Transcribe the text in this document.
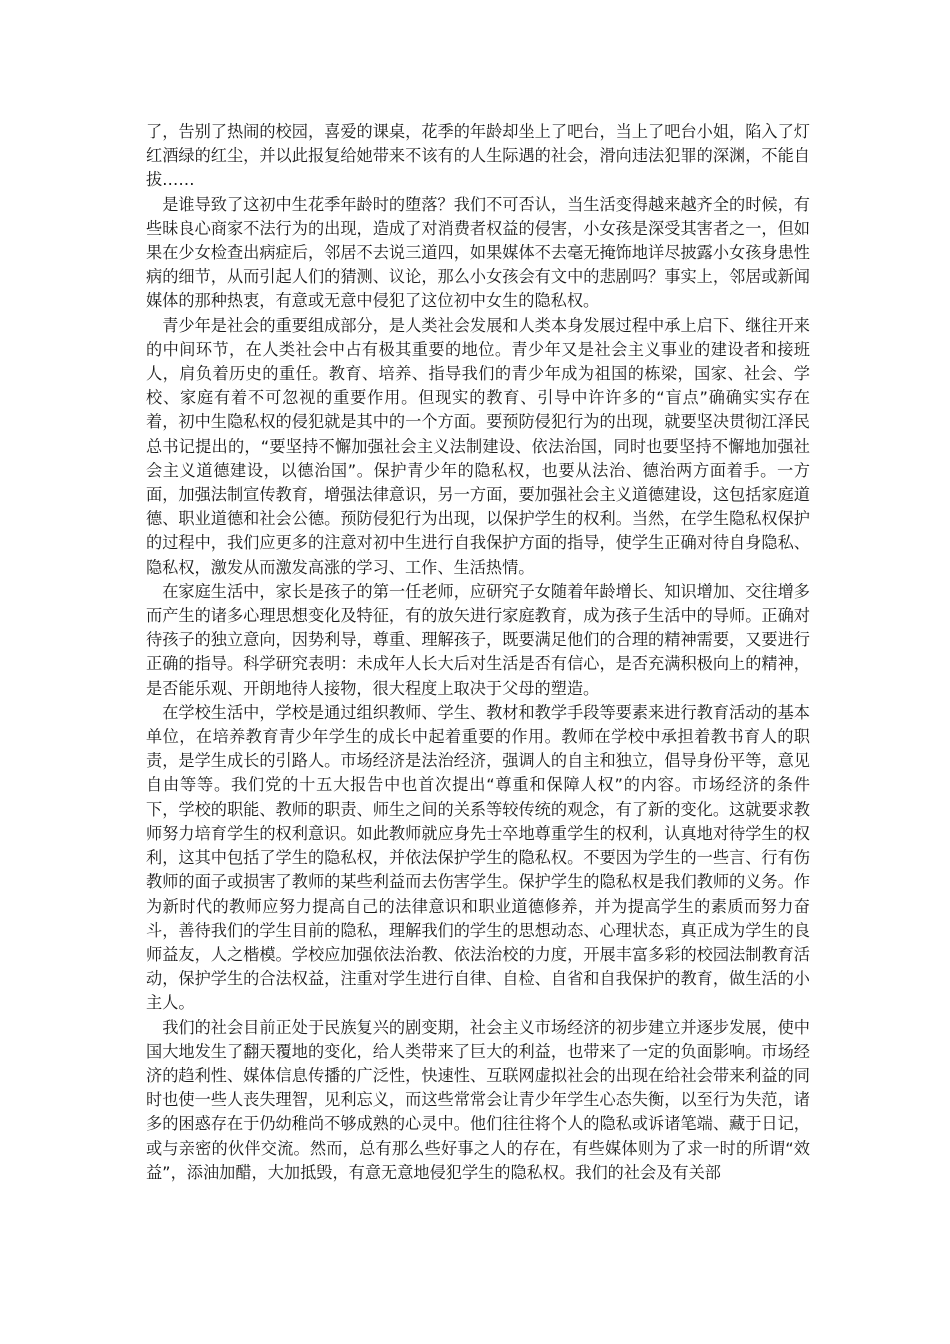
了，告别了热闹的校园，喜爱的课桌，花季的年龄却坐上了吧台，当上了吧台小姐，陷入了灯红酒绿的红尘，并以此报复给她带来不该有的人生际遇的社会，滑向违法犯罪的深渊，不能自拔……

是谁导致了这初中生花季年龄时的堕落？我们不可否认，当生活变得越来越齐全的时候，有些昧良心商家不法行为的出现，造成了对消费者权益的侵害，小女孩是深受其害者之一，但如果在少女检查出病症后，邻居不去说三道四，如果媒体不去毫无掩饰地详尽披露小女孩身患性病的细节，从而引起人们的猜测、议论，那么小女孩会有文中的悲剧吗？事实上，邻居或新闻媒体的那种热衷，有意或无意中侵犯了这位初中女生的隐私权。

青少年是社会的重要组成部分，是人类社会发展和人类本身发展过程中承上启下、继往开来的中间环节，在人类社会中占有极其重要的地位。青少年又是社会主义事业的建设者和接班人，肩负着历史的重任。教育、培养、指导我们的青少年成为祖国的栋梁，国家、社会、学校、家庭有着不可忽视的重要作用。但现实的教育、引导中许许多的“盲点”确确实实存在着，初中生隐私权的侵犯就是其中的一个方面。要预防侵犯行为的出现，就要坚决贯彻江泽民总书记提出的，“要坚持不懈加强社会主义法制建设、依法治国，同时也要坚持不懈地加强社会主义道德建设，以德治国”。保护青少年的隐私权，也要从法治、德治两方面着手。一方面，加强法制宣传教育，增强法律意识，另一方面，要加强社会主义道德建设，这包括家庭道德、职业道德和社会公德。预防侵犯行为出现，以保护学生的权利。当然，在学生隐私权保护的过程中，我们应更多的注意对初中生进行自我保护方面的指导，使学生正确对待自身隐私、隐私权，激发从而激发高涨的学习、工作、生活热情。

在家庭生活中，家长是孩子的第一任老师，应研究子女随着年龄增长、知识增加、交往增多而产生的诸多心理思想变化及特征，有的放矢进行家庭教育，成为孩子生活中的导师。正确对待孩子的独立意向，因势利导，尊重、理解孩子，既要满足他们的合理的精神需要，又要进行正确的指导。科学研究表明：未成年人长大后对生活是否有信心，是否充满积极向上的精神，是否能乐观、开朗地待人接物，很大程度上取决于父母的塑造。

在学校生活中，学校是通过组织教师、学生、教材和教学手段等要素来进行教育活动的基本单位，在培养教育青少年学生的成长中起着重要的作用。教师在学校中承担着教书育人的职责，是学生成长的引路人。市场经济是法治经济，强调人的自主和独立，倡导身份平等，意见自由等等。我们党的十五大报告中也首次提出“尊重和保障人权”的内容。市场经济的条件下，学校的职能、教师的职责、师生之间的关系等较传统的观念，有了新的变化。这就要求教师努力培育学生的权利意识。如此教师就应身先士卒地尊重学生的权利，认真地对待学生的权利，这其中包括了学生的隐私权，并依法保护学生的隐私权。不要因为学生的一些言、行有伤教师的面子或损害了教师的某些利益而去伤害学生。保护学生的隐私权是我们教师的义务。作为新时代的教师应努力提高自己的法律意识和职业道德修养，并为提高学生的素质而努力奋斗，善待我们的学生目前的隐私，理解我们的学生的思想动态、心理状态，真正成为学生的良师益友，人之楷模。学校应加强依法治教、依法治校的力度，开展丰富多彩的校园法制教育活动，保护学生的合法权益，注重对学生进行自律、自检、自省和自我保护的教育，做生活的小主人。

我们的社会目前正处于民族复兴的剧变期，社会主义市场经济的初步建立并逐步发展，使中国大地发生了翻天覆地的变化，给人类带来了巨大的利益，也带来了一定的负面影响。市场经济的趋利性、媒体信息传播的广泛性，快速性、互联网虚拟社会的出现在给社会带来利益的同时也使一些人丧失理智，见利忘义，而这些常常会让青少年学生心态失衡，以至行为失范，诸多的困惑存在于仍幼稚尚不够成熟的心灵中。他们往往将个人的隐私或诉诸笔端、藏于日记，或与亲密的伙伴交流。然而，总有那么些好事之人的存在，有些媒体则为了求一时的所谓“效益”，添油加醋，大加抵毁，有意无意地侵犯学生的隐私权。我们的社会及有关部
